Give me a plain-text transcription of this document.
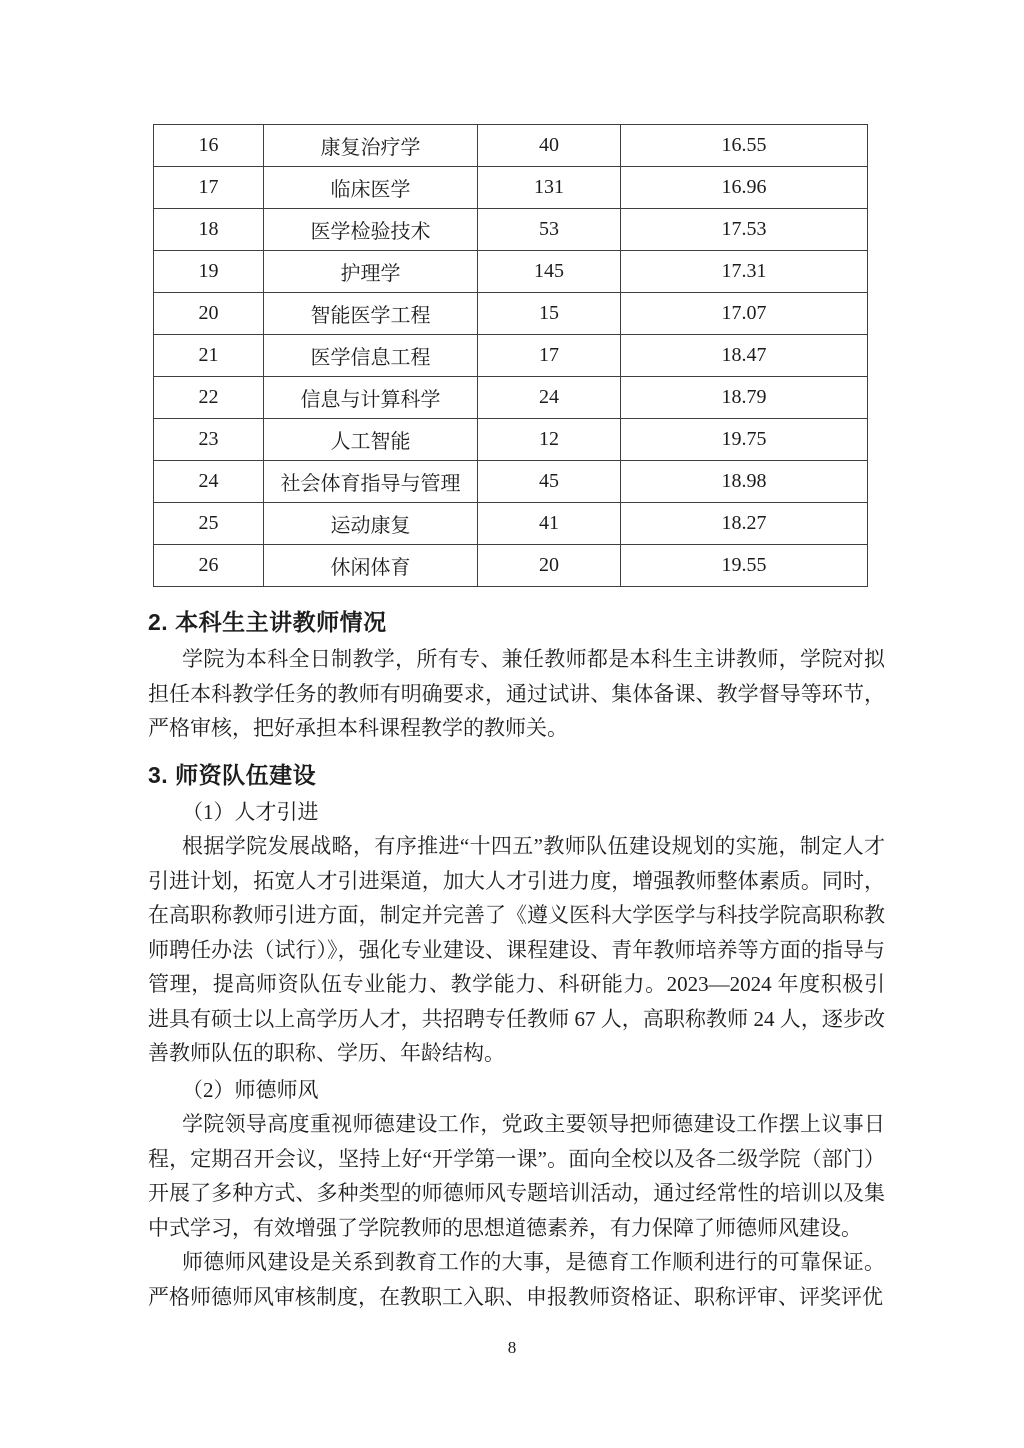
16	康复治疗学	40	16.55
17	临床医学	131	16.96
18	医学检验技术	53	17.53
19	护理学	145	17.31
20	智能医学工程	15	17.07
21	医学信息工程	17	18.47
22	信息与计算科学	24	18.79
23	人工智能	12	19.75
24	社会体育指导与管理	45	18.98
25	运动康复	41	18.27
26	休闲体育	20	19.55
2. 本科生主讲教师情况

学院为本科全日制教学，所有专、兼任教师都是本科生主讲教师，学院对拟担任本科教学任务的教师有明确要求，通过试讲、集体备课、教学督导等环节，严格审核，把好承担本科课程教学的教师关。

3. 师资队伍建设

（1）人才引进

根据学院发展战略，有序推进“十四五”教师队伍建设规划的实施，制定人才引进计划，拓宽人才引进渠道，加大人才引进力度，增强教师整体素质。同时，在高职称教师引进方面，制定并完善了《遵义医科大学医学与科技学院高职称教师聘任办法（试行）》，强化专业建设、课程建设、青年教师培养等方面的指导与管理，提高师资队伍专业能力、教学能力、科研能力。2023—2024 年度积极引进具有硕士以上高学历人才，共招聘专任教师 67 人，高职称教师 24 人，逐步改善教师队伍的职称、学历、年龄结构。

（2）师德师风

学院领导高度重视师德建设工作，党政主要领导把师德建设工作摆上议事日程，定期召开会议，坚持上好“开学第一课”。面向全校以及各二级学院（部门）开展了多种方式、多种类型的师德师风专题培训活动，通过经常性的培训以及集中式学习，有效增强了学院教师的思想道德素养，有力保障了师德师风建设。

师德师风建设是关系到教育工作的大事，是德育工作顺利进行的可靠保证。严格师德师风审核制度，在教职工入职、申报教师资格证、职称评审、评奖评优

8
